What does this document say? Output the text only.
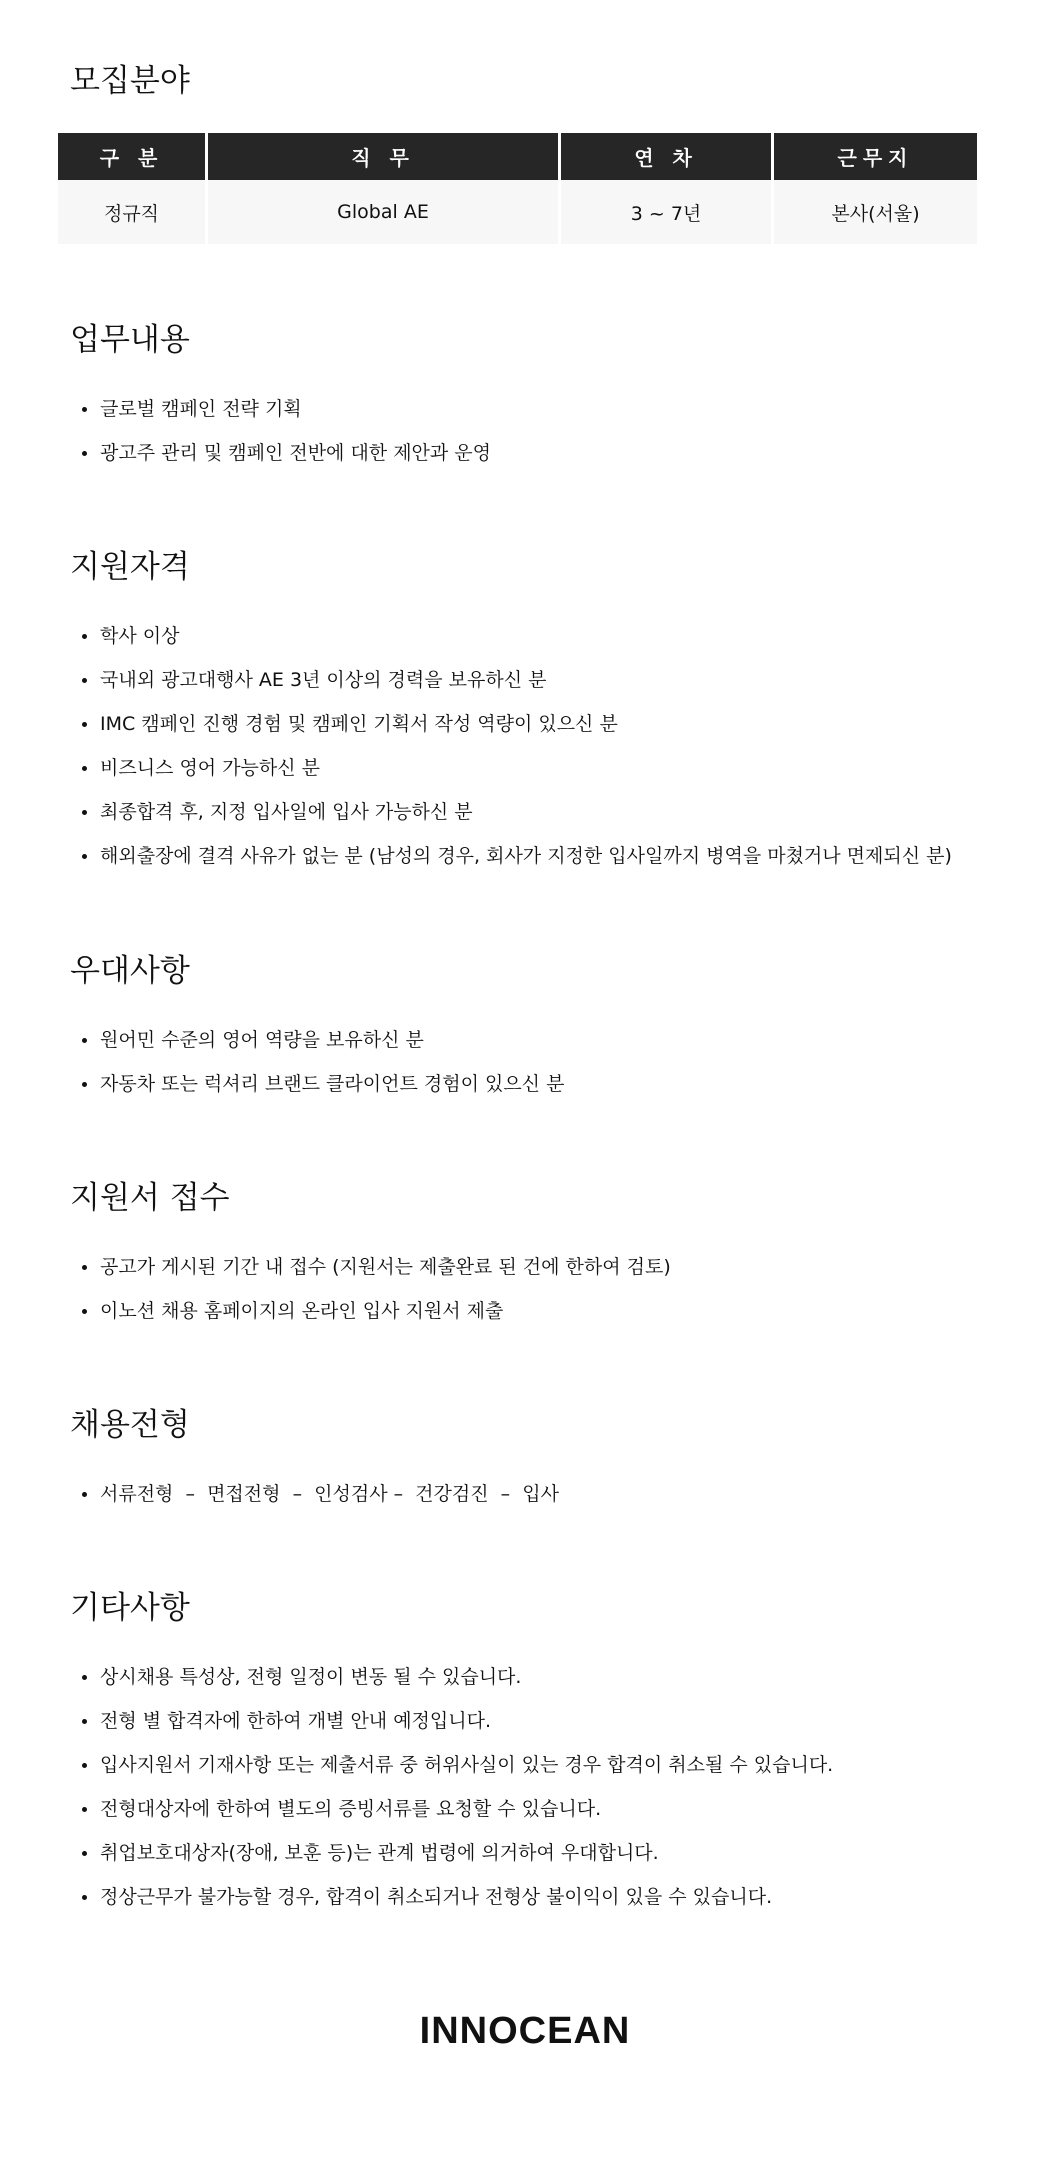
모집분야
구 분	직 무	연 차	근무지
정규직	Global AE	3 ~ 7년	본사(서울)
업무내용
글로벌 캠페인 전략 기획
광고주 관리 및 캠페인 전반에 대한 제안과 운영
지원자격
학사 이상
국내외 광고대행사 AE 3년 이상의 경력을 보유하신 분
IMC 캠페인 진행 경험 및 캠페인 기획서 작성 역량이 있으신 분
비즈니스 영어 가능하신 분
최종합격 후, 지정 입사일에 입사 가능하신 분
해외출장에 결격 사유가 없는 분 (남성의 경우, 회사가 지정한 입사일까지 병역을 마쳤거나 면제되신 분)
우대사항
원어민 수준의 영어 역량을 보유하신 분
자동차 또는 럭셔리 브랜드 클라이언트 경험이 있으신 분
지원서 접수
공고가 게시된 기간 내 접수 (지원서는 제출완료 된 건에 한하여 검토)
이노션 채용 홈페이지의 온라인 입사 지원서 제출
채용전형
서류전형  –  면접전형  –  인성검사 –  건강검진  –  입사
기타사항
상시채용 특성상, 전형 일정이 변동 될 수 있습니다.
전형 별 합격자에 한하여 개별 안내 예정입니다.
입사지원서 기재사항 또는 제출서류 중 허위사실이 있는 경우 합격이 취소될 수 있습니다.
전형대상자에 한하여 별도의 증빙서류를 요청할 수 있습니다.
취업보호대상자(장애, 보훈 등)는 관계 법령에 의거하여 우대합니다.
정상근무가 불가능할 경우, 합격이 취소되거나 전형상 불이익이 있을 수 있습니다.
INNOCEAN
